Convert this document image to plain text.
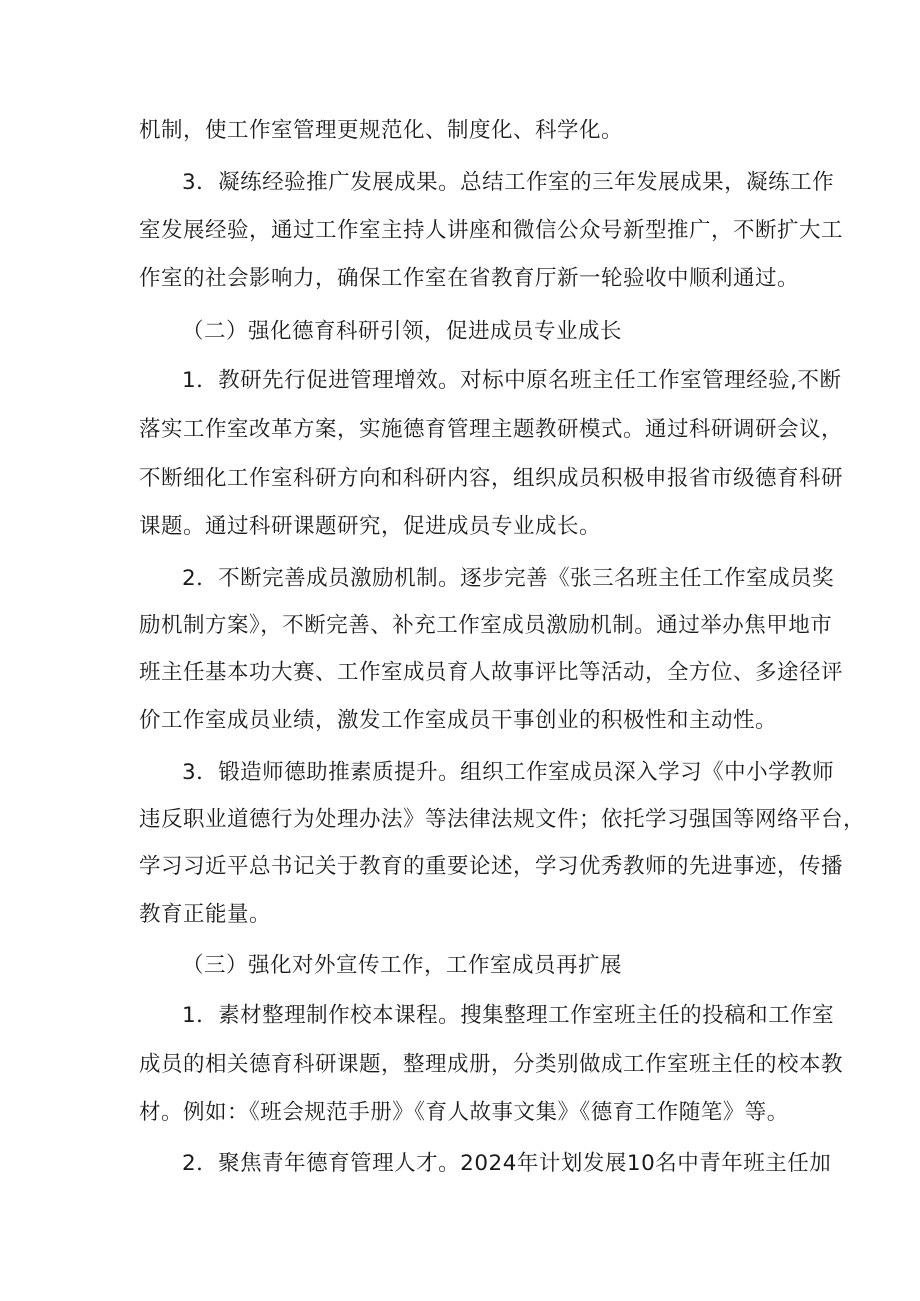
机制，使工作室管理更规范化、制度化、科学化。
3．凝练经验推广发展成果。总结工作室的三年发展成果，凝练工作
室发展经验，通过工作室主持人讲座和微信公众号新型推广，不断扩大工
作室的社会影响力，确保工作室在省教育厅新一轮验收中顺利通过。
（二）强化德育科研引领，促进成员专业成长
1．教研先行促进管理增效。对标中原名班主任工作室管理经验,不断
落实工作室改革方案，实施德育管理主题教研模式。通过科研调研会议，
不断细化工作室科研方向和科研内容，组织成员积极申报省市级德育科研
课题。通过科研课题研究，促进成员专业成长。
2．不断完善成员激励机制。逐步完善《张三名班主任工作室成员奖
励机制方案》，不断完善、补充工作室成员激励机制。通过举办焦甲地市
班主任基本功大赛、工作室成员育人故事评比等活动，全方位、多途径评
价工作室成员业绩，激发工作室成员干事创业的积极性和主动性。
3．锻造师德助推素质提升。组织工作室成员深入学习《中小学教师
违反职业道德行为处理办法》等法律法规文件；依托学习强国等网络平台，
学习习近平总书记关于教育的重要论述，学习优秀教师的先进事迹，传播
教育正能量。
（三）强化对外宣传工作，工作室成员再扩展
1．素材整理制作校本课程。搜集整理工作室班主任的投稿和工作室
成员的相关德育科研课题，整理成册，分类别做成工作室班主任的校本教
材。例如：《班会规范手册》《育人故事文集》《德育工作随笔》等。
2．聚焦青年德育管理人才。2024年计划发展10名中青年班主任加
